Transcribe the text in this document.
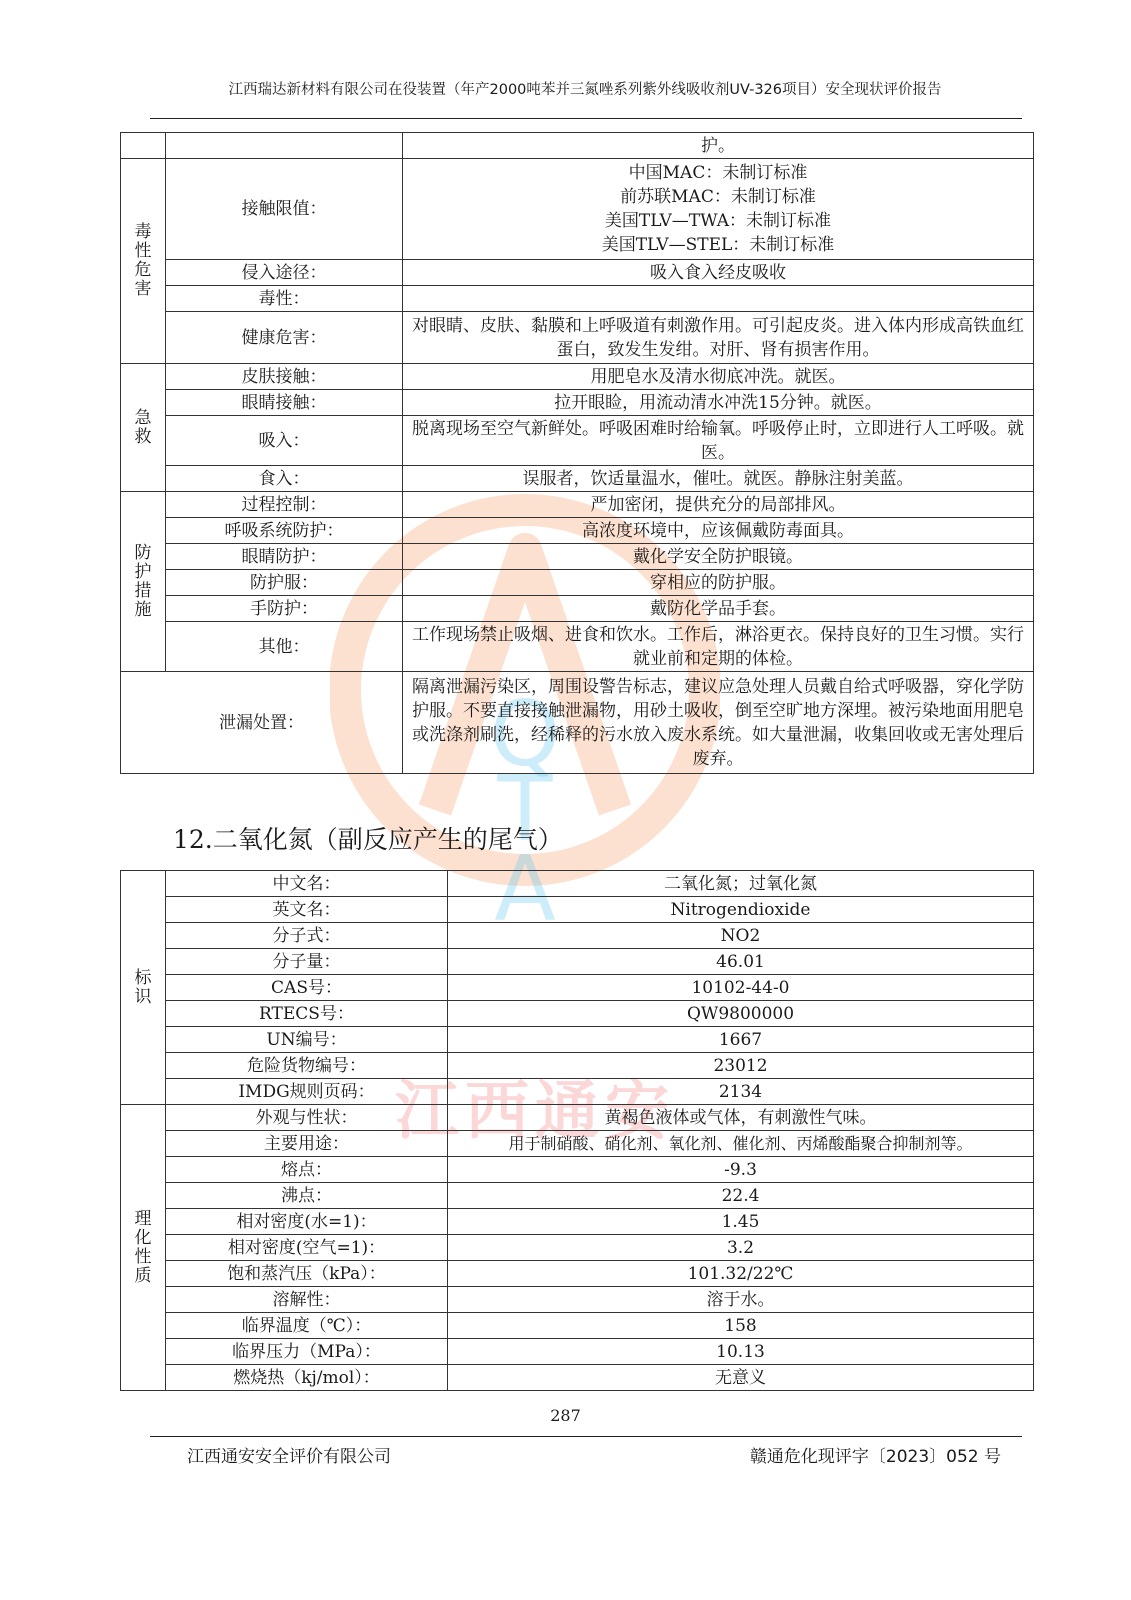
江西瑞达新材料有限公司在役装置（年产2000吨苯并三氮唑系列紫外线吸收剂UV-326项目）安全现状评价报告
Q
T
A
江西通安
		护。
毒性危害	接触限值：	中国MAC：未制订标准
前苏联MAC：未制订标准
美国TLV—TWA：未制订标准
美国TLV—STEL：未制订标准

	侵入途径：	吸入食入经皮吸收
	毒性：	
	健康危害：	对眼睛、皮肤、黏膜和上呼吸道有刺激作用。可引起皮炎。进入体内形成高铁血红蛋白，致发生发绀。对肝、肾有损害作用。
急救	皮肤接触：	用肥皂水及清水彻底冲洗。就医。
	眼睛接触：	拉开眼睑，用流动清水冲洗15分钟。就医。
	吸入：	脱离现场至空气新鲜处。呼吸困难时给输氧。呼吸停止时，立即进行人工呼吸。就医。
	食入：	误服者，饮适量温水，催吐。就医。静脉注射美蓝。
防护措施	过程控制：	严加密闭，提供充分的局部排风。
	呼吸系统防护：	高浓度环境中，应该佩戴防毒面具。
	眼睛防护：	戴化学安全防护眼镜。
	防护服：	穿相应的防护服。
	手防护：	戴防化学品手套。
	其他：	工作现场禁止吸烟、进食和饮水。工作后，淋浴更衣。保持良好的卫生习惯。实行就业前和定期的体检。
泄漏处置：		隔离泄漏污染区，周围设警告标志，建议应急处理人员戴自给式呼吸器，穿化学防护服。不要直接接触泄漏物，用砂土吸收，倒至空旷地方深埋。被污染地面用肥皂或洗涤剂刷洗，经稀释的污水放入废水系统。如大量泄漏，收集回收或无害处理后废弃。
12.二氧化氮（副反应产生的尾气）
标识	中文名：	二氧化氮；过氧化氮
	英文名：	Nitrogendioxide
	分子式：	NO2
	分子量：	46.01
	CAS号：	10102-44-0
	RTECS号：	QW9800000
	UN编号：	1667
	危险货物编号：	23012
	IMDG规则页码：	2134
理化性质	外观与性状：	黄褐色液体或气体，有刺激性气味。
	主要用途：	用于制硝酸、硝化剂、氧化剂、催化剂、丙烯酸酯聚合抑制剂等。
	熔点：	-9.3
	沸点：	22.4
	相对密度(水=1)：	1.45
	相对密度(空气=1)：	3.2
	饱和蒸汽压（kPa）：	101.32/22℃
	溶解性：	溶于水。
	临界温度（℃）：	158
	临界压力（MPa）：	10.13
	燃烧热（kj/mol）：	无意义
287
江西通安安全评价有限公司	赣通危化现评字〔2023〕052 号
